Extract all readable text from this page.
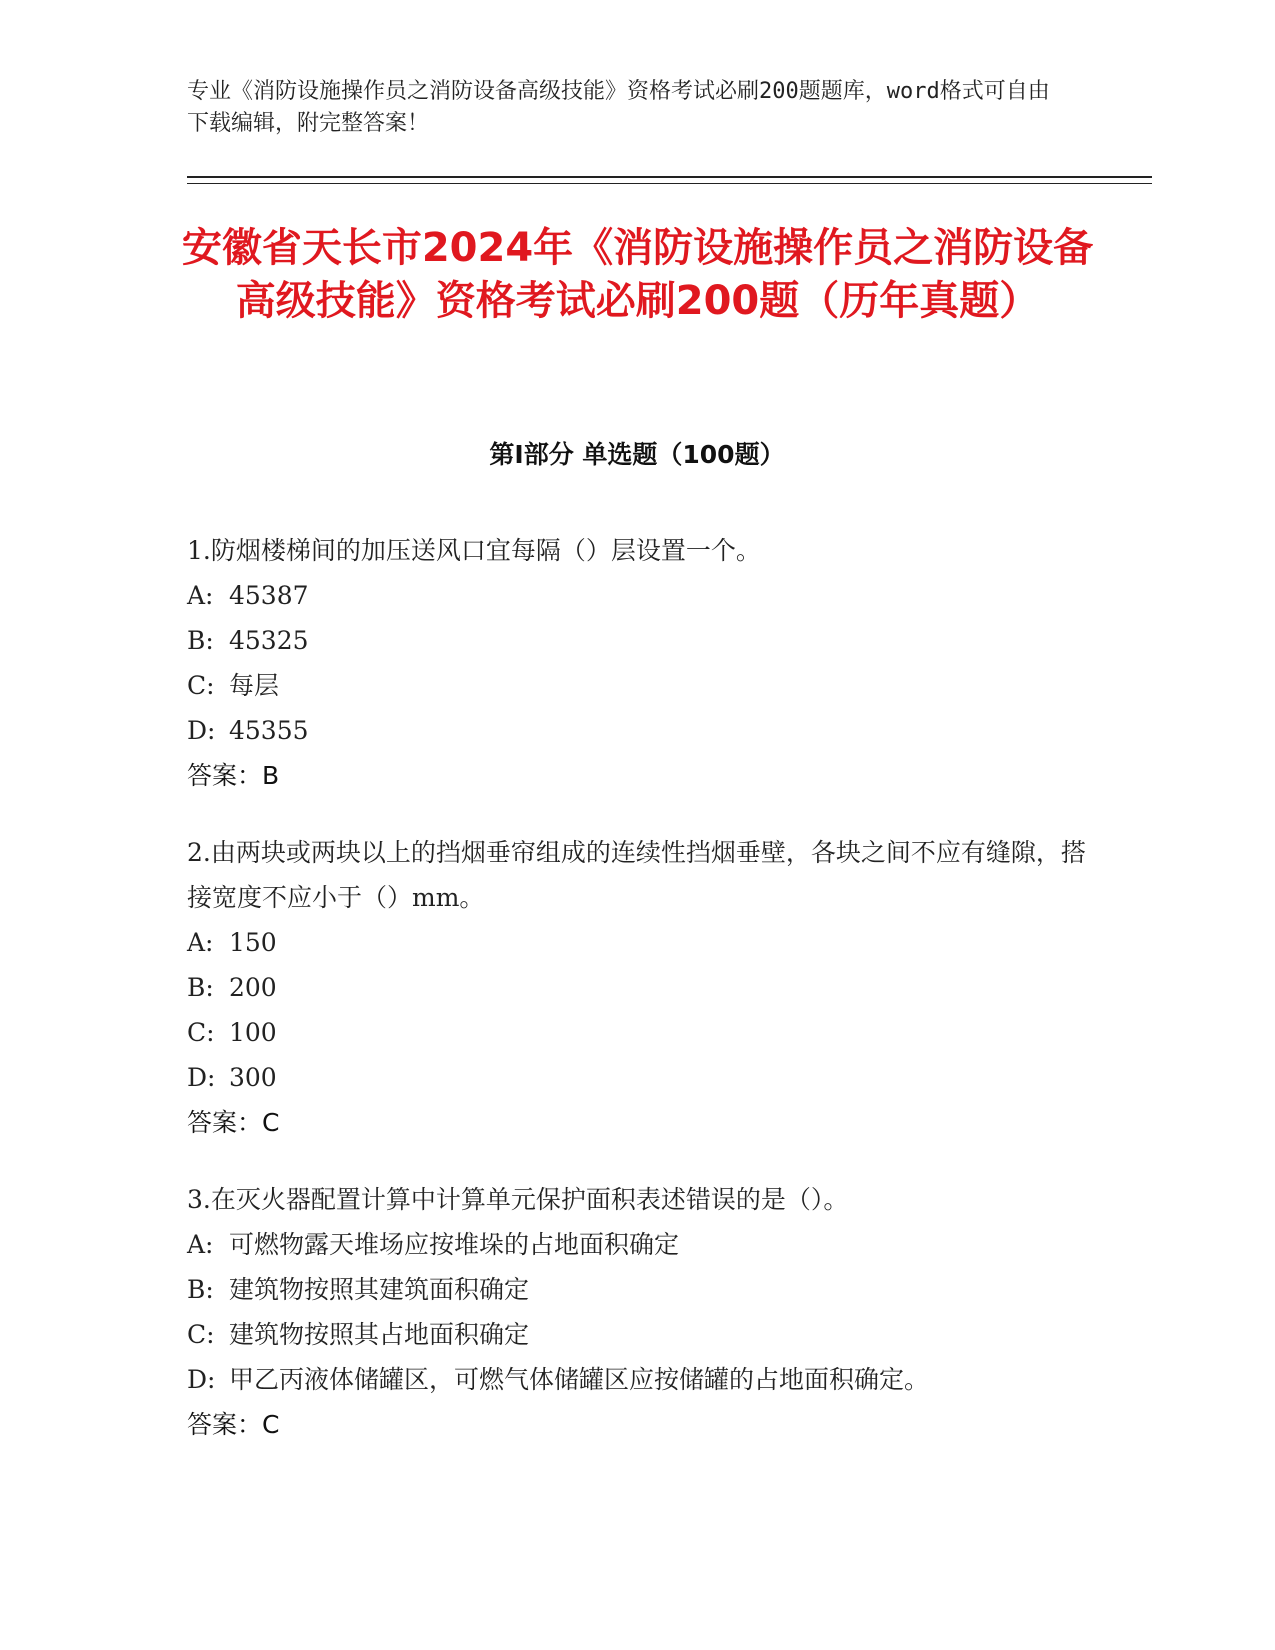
专业《消防设施操作员之消防设备高级技能》资格考试必刷200题题库，word格式可自由下载编辑，附完整答案！
安徽省天长市2024年《消防设施操作员之消防设备高级技能》资格考试必刷200题（历年真题）
第I部分 单选题（100题）

1.防烟楼梯间的加压送风口宜每隔（）层设置一个。

A: 45387

B: 45325

C: 每层

D: 45355

答案：B

2.由两块或两块以上的挡烟垂帘组成的连续性挡烟垂壁，各块之间不应有缝隙，搭接宽度不应小于（）mm。

A: 150

B: 200

C: 100

D: 300

答案：C

3.在灭火器配置计算中计算单元保护面积表述错误的是（）。

A: 可燃物露天堆场应按堆垛的占地面积确定

B: 建筑物按照其建筑面积确定

C: 建筑物按照其占地面积确定

D: 甲乙丙液体储罐区，可燃气体储罐区应按储罐的占地面积确定。

答案：C
